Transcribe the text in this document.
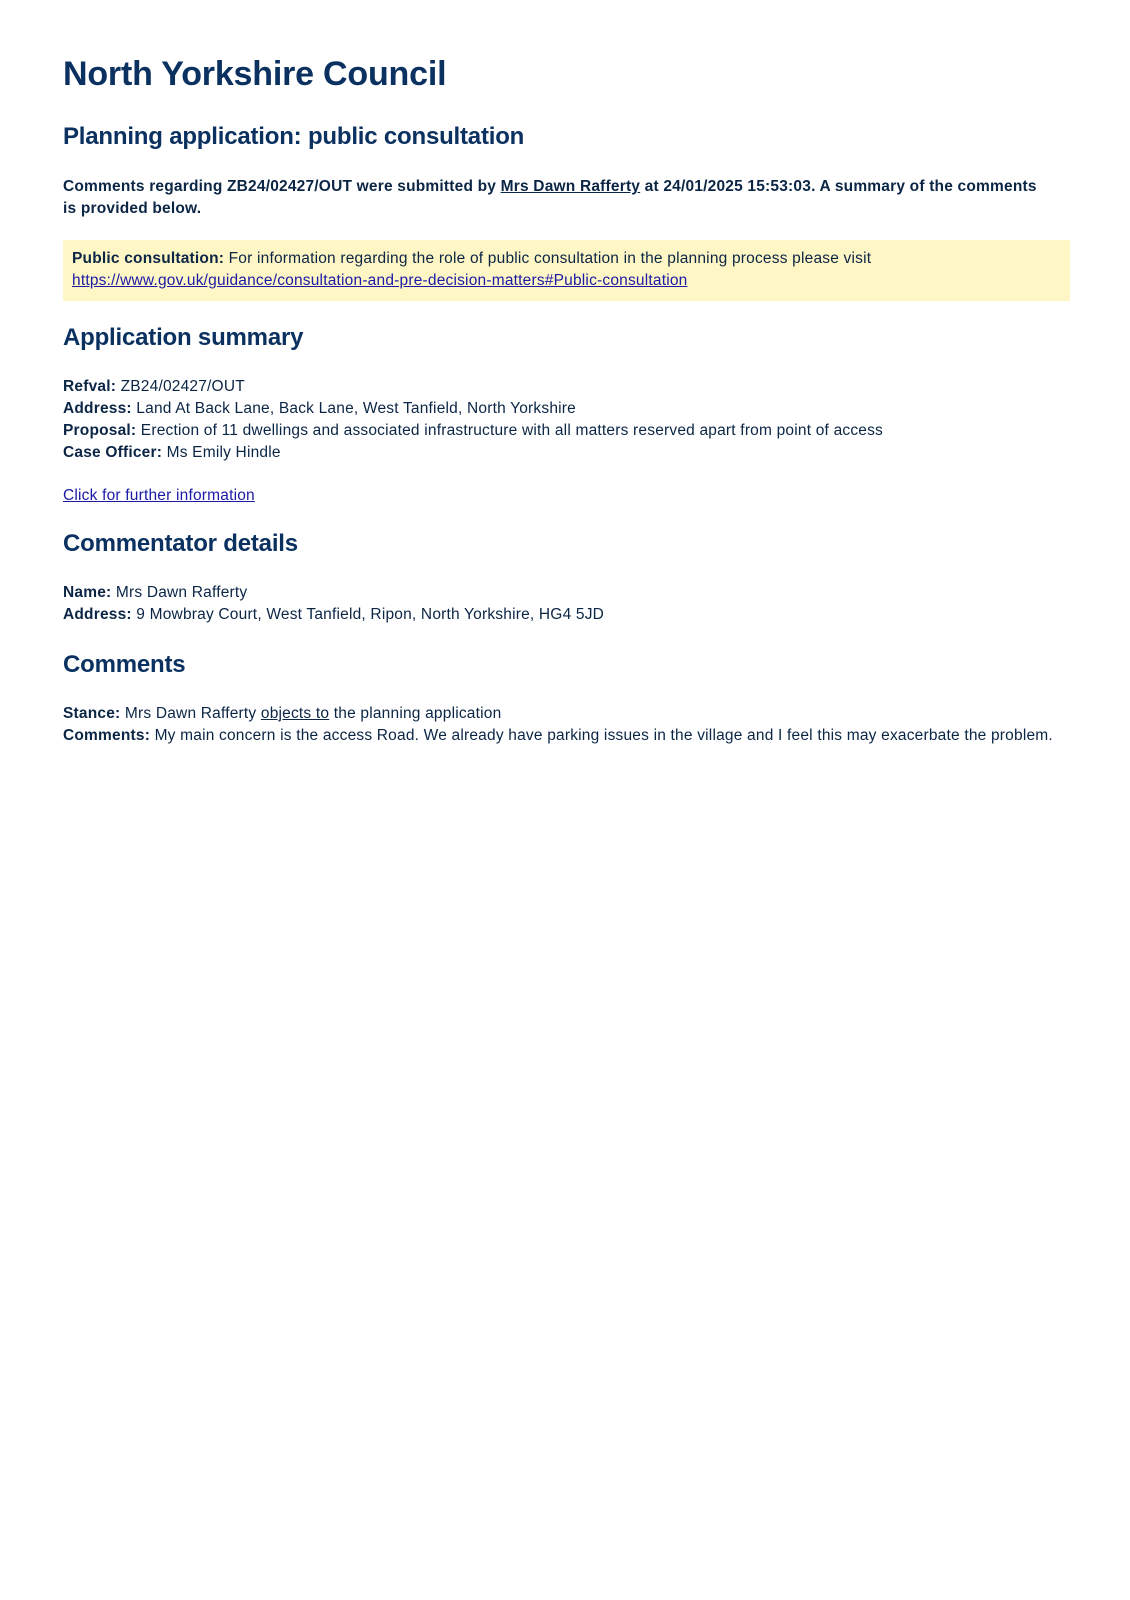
North Yorkshire Council
Planning application: public consultation

Comments regarding ZB24/02427/OUT were submitted by Mrs Dawn Rafferty at 24/01/2025 15:53:03. A summary of the comments is provided below.

Public consultation: For information regarding the role of public consultation in the planning process please visit
https://www.gov.uk/guidance/consultation-and-pre-decision-matters#Public-consultation
Application summary

Refval: ZB24/02427/OUT

Address: Land At Back Lane, Back Lane, West Tanfield, North Yorkshire

Proposal: Erection of 11 dwellings and associated infrastructure with all matters reserved apart from point of access

Case Officer: Ms Emily Hindle

Click for further information
Commentator details

Name: Mrs Dawn Rafferty

Address: 9 Mowbray Court, West Tanfield, Ripon, North Yorkshire, HG4 5JD

Comments

Stance: Mrs Dawn Rafferty objects to the planning application

Comments: My main concern is the access Road. We already have parking issues in the village and I feel this may exacerbate the problem.
